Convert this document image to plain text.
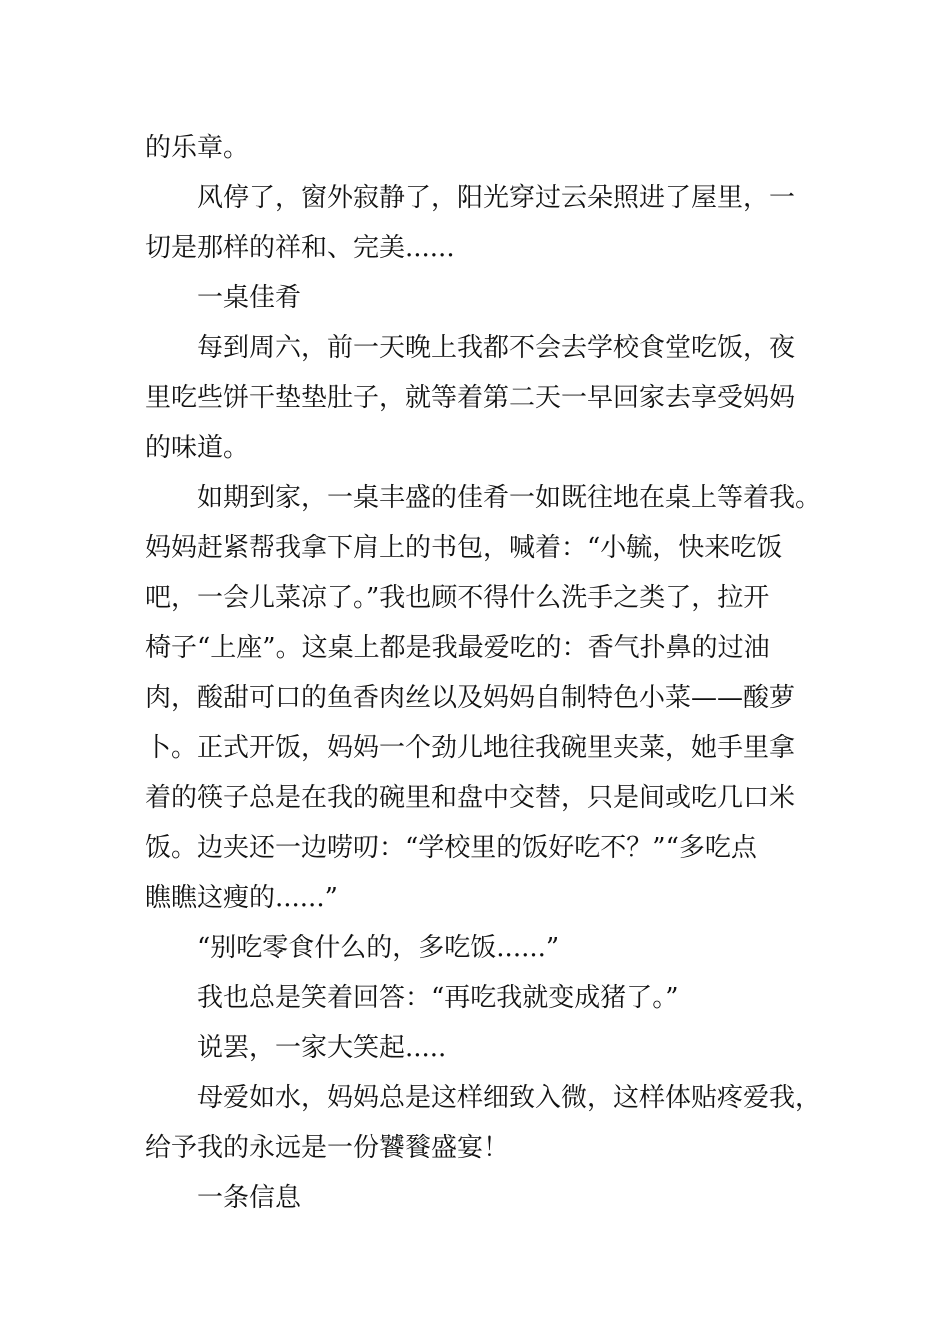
的乐章。
风停了，窗外寂静了，阳光穿过云朵照进了屋里，一
切是那样的祥和、完美......
一桌佳肴
每到周六，前一天晚上我都不会去学校食堂吃饭，夜
里吃些饼干垫垫肚子，就等着第二天一早回家去享受妈妈
的味道。
如期到家，一桌丰盛的佳肴一如既往地在桌上等着我。
妈妈赶紧帮我拿下肩上的书包，喊着：“小毓，快来吃饭
吧，一会儿菜凉了。”我也顾不得什么洗手之类了，拉开
椅子“上座”。这桌上都是我最爱吃的：香气扑鼻的过油
肉，酸甜可口的鱼香肉丝以及妈妈自制特色小菜——酸萝
卜。正式开饭，妈妈一个劲儿地往我碗里夹菜，她手里拿
着的筷子总是在我的碗里和盘中交替，只是间或吃几口米
饭。边夹还一边唠叨：“学校里的饭好吃不？”“多吃点
瞧瞧这瘦的......”
“别吃零食什么的，多吃饭......”
我也总是笑着回答：“再吃我就变成猪了。”
说罢，一家大笑起.....
母爱如水，妈妈总是这样细致入微，这样体贴疼爱我，
给予我的永远是一份饕餮盛宴！
一条信息
